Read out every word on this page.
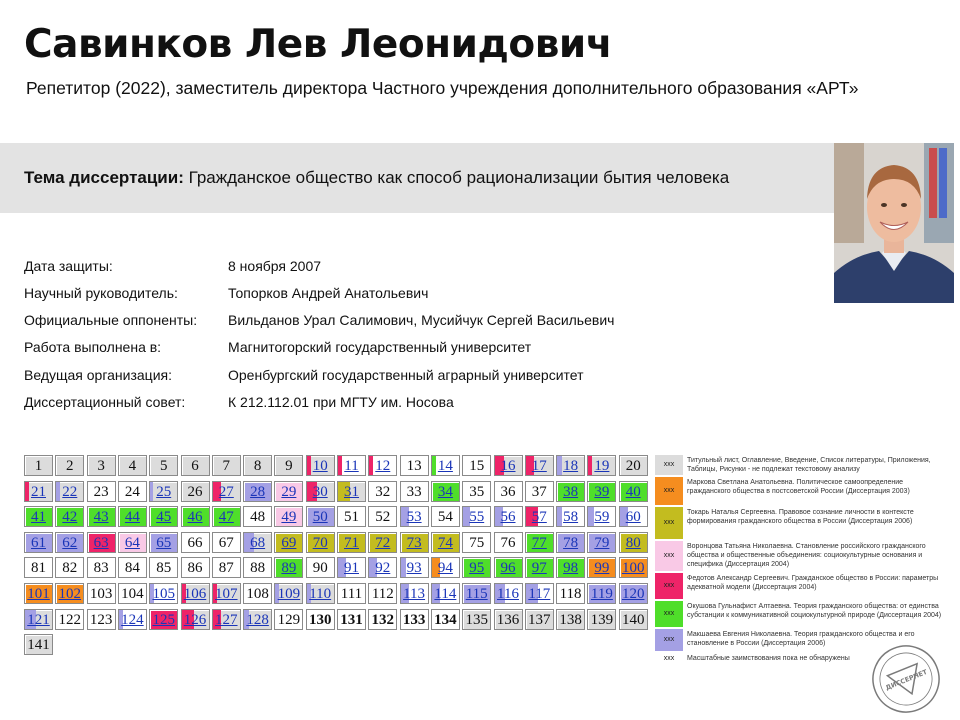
Савинков Лев Леонидович
Репетитор (2022), заместитель директора Частного учреждения дополнительного образования «АРТ»
Тема диссертации: Гражданское общество как способ рационализации бытия человека
Дата защиты:	8 ноября 2007
Научный руководитель:	Топорков Андрей Анатольевич
Официальные оппоненты: Вильданов Урал Салимович, Мусийчук Сергей Васильевич
Работа выполнена в:	Магнитогорский государственный университет
Ведущая организация:	Оренбургский государственный аграрный университет
Диссертационный совет:	К 212.112.01 при МГТУ им. Носова
1	2	3	4	5	6	7	8	9	10	11	12	13	14	15	16	17	18	19	20
21	22	23	24	25	26	27	28	29	30	31	32	33	34	35	36	37	38	39	40
41	42	43	44	45	46	47	48	49	50	51	52	53	54	55	56	57	58	59	60
61	62	63	64	65	66	67	68	69	70	71	72	73	74	75	76	77	78	79	80
81	82	83	84	85	86	87	88	89	90	91	92	93	94	95	96	97	98	99 100
101 102 103 104 105 106 107 108 109 110 111 112 113 114 115 116 117 118 119 120
121 122 123 124 125 126 127 128 129 130 131 132 133 134 135 136 137 138 139 140
141
xxx
Титульный лист, Оглавление, Введение, Список литературы, Приложения, Таблицы, Рисунки - не подлежат текстовому анализу
xxx
Маркова Светлана Анатольевна. Политическое самоопределение гражданского общества в постсоветской России (Диссертация 2003)
xxx
Токарь Наталья Сергеевна. Правовое сознание личности в контексте формирования гражданского общества в России (Диссертация 2006)
xxx
Воронцова Татьяна Николаевна. Становление российского гражданского общества и общественные объединения: социокультурные основания и специфика (Диссертация 2004)
xxx
Федотов Александр Сергеевич. Гражданское общество в России: параметры адекватной модели (Диссертация 2004)
xxx
Окушова Гульнафист Алтаевна. Теория гражданского общества: от единства субстанции к коммуникативной социокультурной природе (Диссертация 2004)
xxx
Макшаева Евгения Николаевна. Теория гражданского общества и его становление в России (Диссертация 2006)
xxx	Масштабные заимствования пока не обнаружены
ДИССЕРНЕТ
